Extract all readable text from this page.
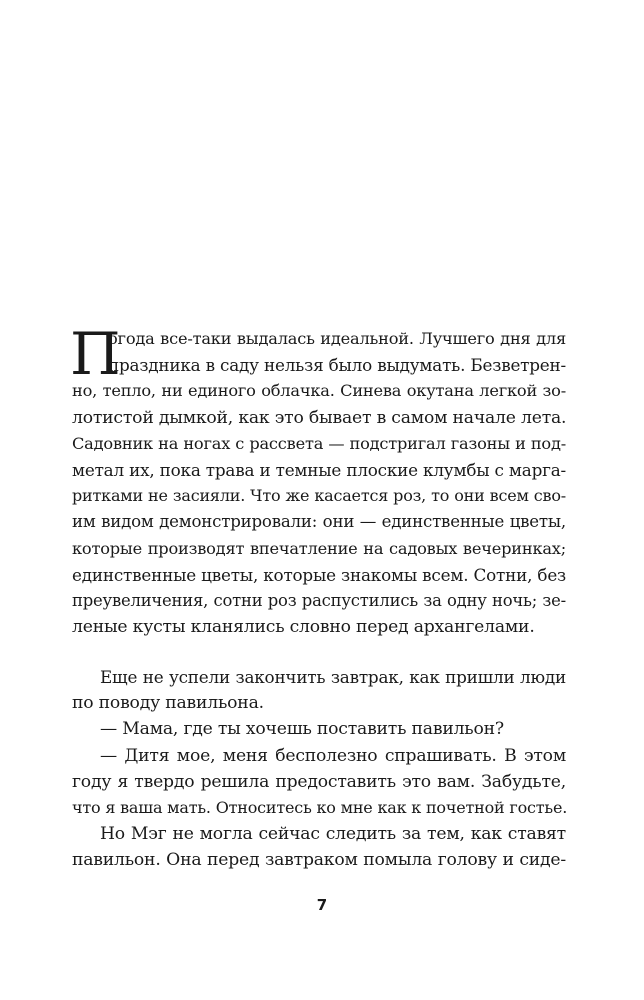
П
огода все-таки выдалась идеальной. Лучшего дня для
праздника в саду нельзя было выдумать. Безветрен-
но, тепло, ни единого облачка. Синева окутана легкой зо-
лотистой дымкой, как это бывает в самом начале лета.
Садовник на ногах с рассвета — подстригал газоны и под-
метал их, пока трава и темные плоские клумбы с марга-
ритками не засияли. Что же касается роз, то они всем сво-
им видом демонстрировали: они — единственные цветы,
которые производят впечатление на садовых вечеринках;
единственные цветы, которые знакомы всем. Сотни, без
преувеличения, сотни роз распустились за одну ночь; зе-
леные кусты кланялись словно перед архангелами.
Еще не успели закончить завтрак, как пришли люди
по поводу павильона.
— Мама, где ты хочешь поставить павильон?
— Дитя мое, меня бесполезно спрашивать. В этом
году я твердо решила предоставить это вам. Забудьте,
что я ваша мать. Относитесь ко мне как к почетной гостье.
Но Мэг не могла сейчас следить за тем, как ставят
павильон. Она перед завтраком помыла голову и сиде-
7
